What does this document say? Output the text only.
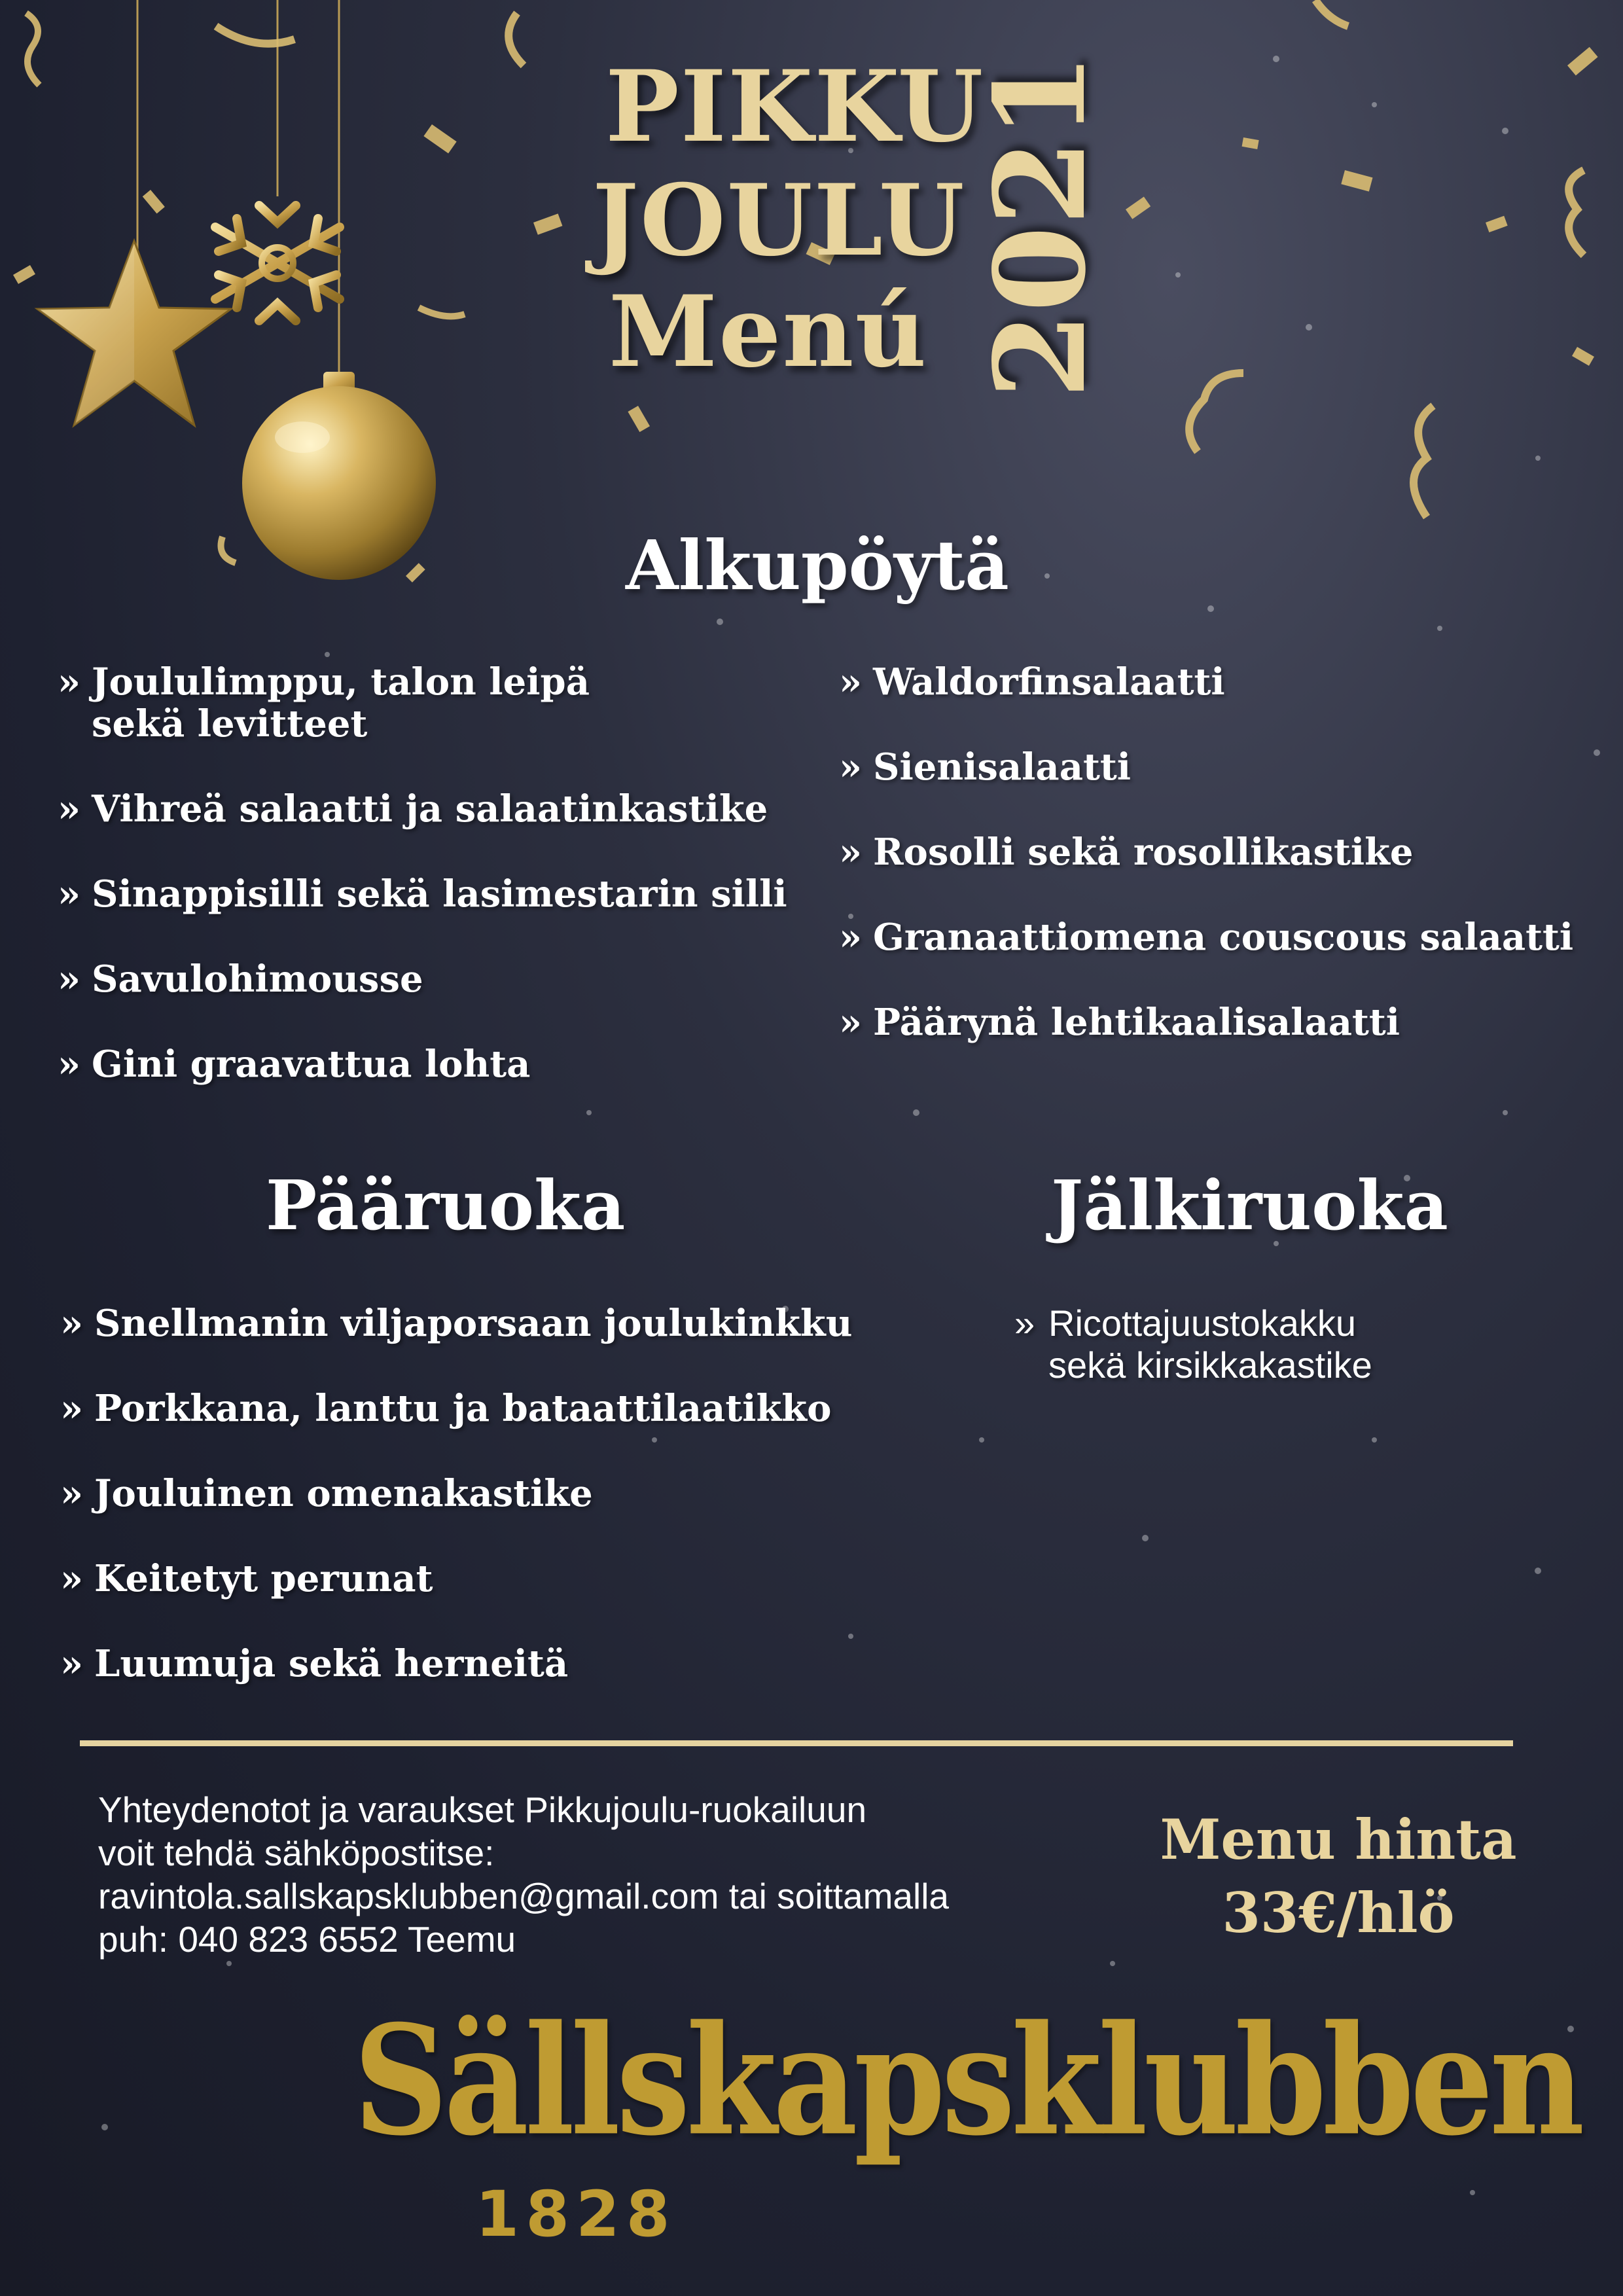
PIKKU
JOULU
Menú 2021
Alkupöytä
» Joululimppu, talon leipä
sekä levitteet
» Vihreä salaatti ja salaatinkastike
» Sinappisilli sekä lasimestarin silli
» Savulohimousse
» Gini graavattua lohta
» Waldorfinsalaatti
» Sienisalaatti
» Rosolli sekä rosollikastike
» Granaattiomena couscous salaatti
» Päärynä lehtikaalisalaatti
Pääruoka
» Snellmanin viljaporsaan joulukinkku
» Porkkana, lanttu ja bataattilaatikko
» Jouluinen omenakastike
» Keitetyt perunat
» Luumuja sekä herneitä
Jälkiruoka
» Ricottajuustokakku
sekä kirsikkakastike
Yhteydenotot ja varaukset Pikkujoulu-ruokailuun
voit tehdä sähköpostitse:
ravintola.sallskapsklubben@gmail.com tai soittamalla
puh: 040 823 6552 Teemu
Menu hinta
33€/hlö
Sällskapsklubben
1828
